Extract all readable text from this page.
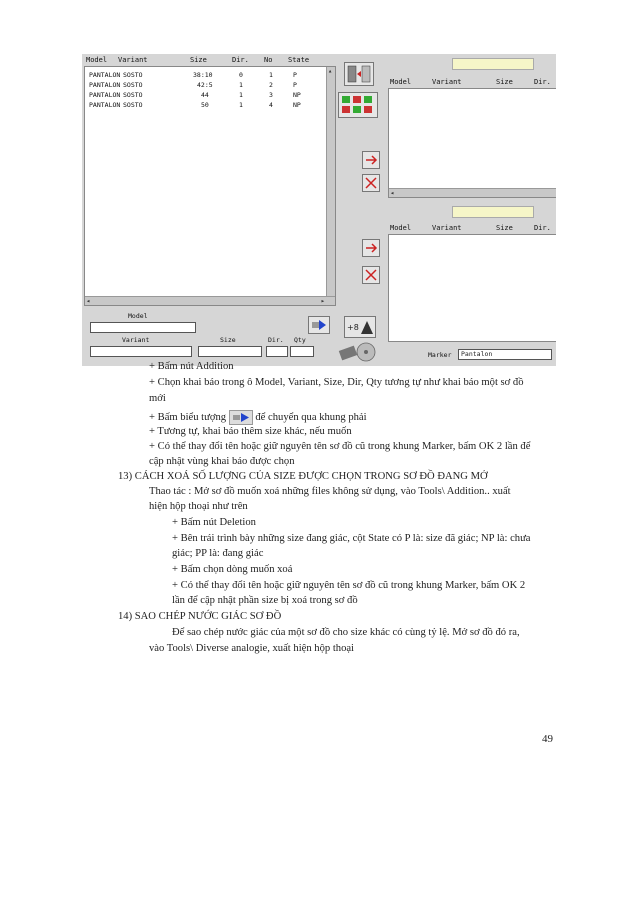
Model Variant	Size	Dir. No State
PANTALON SOSTO	38:10	0	1	P
PANTALON SOSTO	42:5	1	2	P
PANTALON SOSTO	44	1	3	NP
PANTALON SOSTO	50	1	4	NP
▴
◂	▸
Model	Variant	Size	Dir.
◂
Model	Variant	Size	Dir.
Model
Variant	Size	Dir. Qty
+8
Marker	Pantalon
+ Bấm nút Addition
+ Chọn khai báo trong ô Model, Variant, Size, Dir, Qty tương tự như khai báo một sơ đồ
mới
+ Bấm biểu tượng	để chuyển qua khung phải
+ Tương tự, khai báo thêm size khác, nếu muốn
+ Có thể thay đổi tên hoặc giữ nguyên tên sơ đồ cũ trong khung Marker, bấm OK 2 lần để
cập nhật vùng khai báo được chọn
13) CÁCH XOÁ SỐ LƯỢNG CỦA SIZE ĐƯỢC CHỌN TRONG SƠ ĐỒ ĐANG MỞ
Thao tác : Mở sơ đồ muốn xoá những files không sử dụng, vào Tools\ Addition.. xuất
hiện hộp thoại như trên
+ Bấm nút Deletion
+ Bên trái trình bày những size đang giác, cột State có P là: size đã giác; NP là: chưa
giác; PP là: đang giác
+ Bấm chọn dòng muốn xoá
+ Có thể thay đổi tên hoặc giữ nguyên tên sơ đồ cũ trong khung Marker, bấm OK 2
lần để cập nhật phần size bị xoá trong sơ đồ
14) SAO CHÉP NƯỚC GIÁC SƠ ĐỒ
Để sao chép nước giác của một sơ đồ cho size khác có cùng tỷ lệ. Mở sơ đồ đó ra,
vào Tools\ Diverse analogie, xuất hiện hộp thoại
49
